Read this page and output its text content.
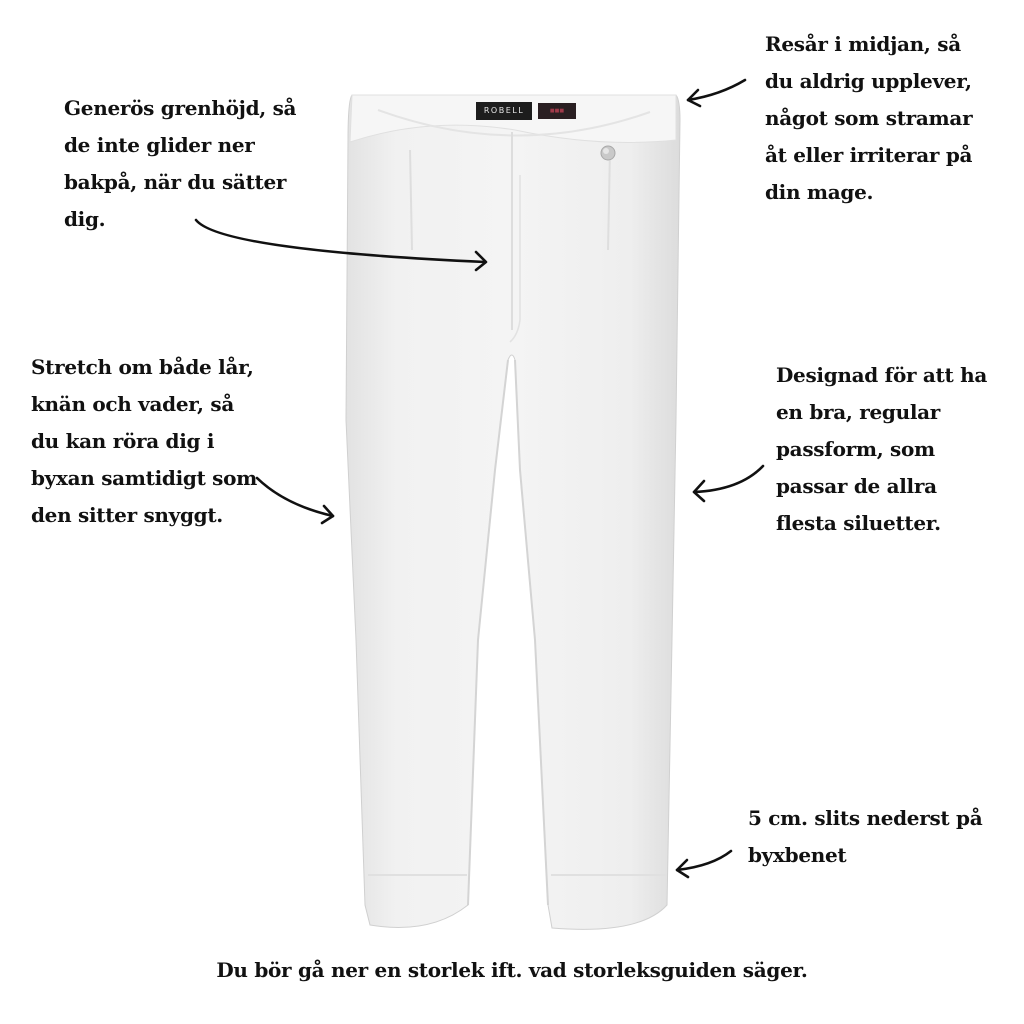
ROBELL	■■■
Resår i midjan, så
du aldrig upplever,
något som stramar
åt eller irriterar på
din mage.
Generös grenhöjd, så
de inte glider ner
bakpå, när du sätter
dig.
Stretch om både lår,
knän och vader, så
du kan röra dig i
byxan samtidigt som
den sitter snyggt.
Designad för att ha
en bra, regular
passform, som
passar de allra
flesta siluetter.
5 cm. slits nederst på
byxbenet
Du bör gå ner en storlek ift. vad storleksguiden säger.
